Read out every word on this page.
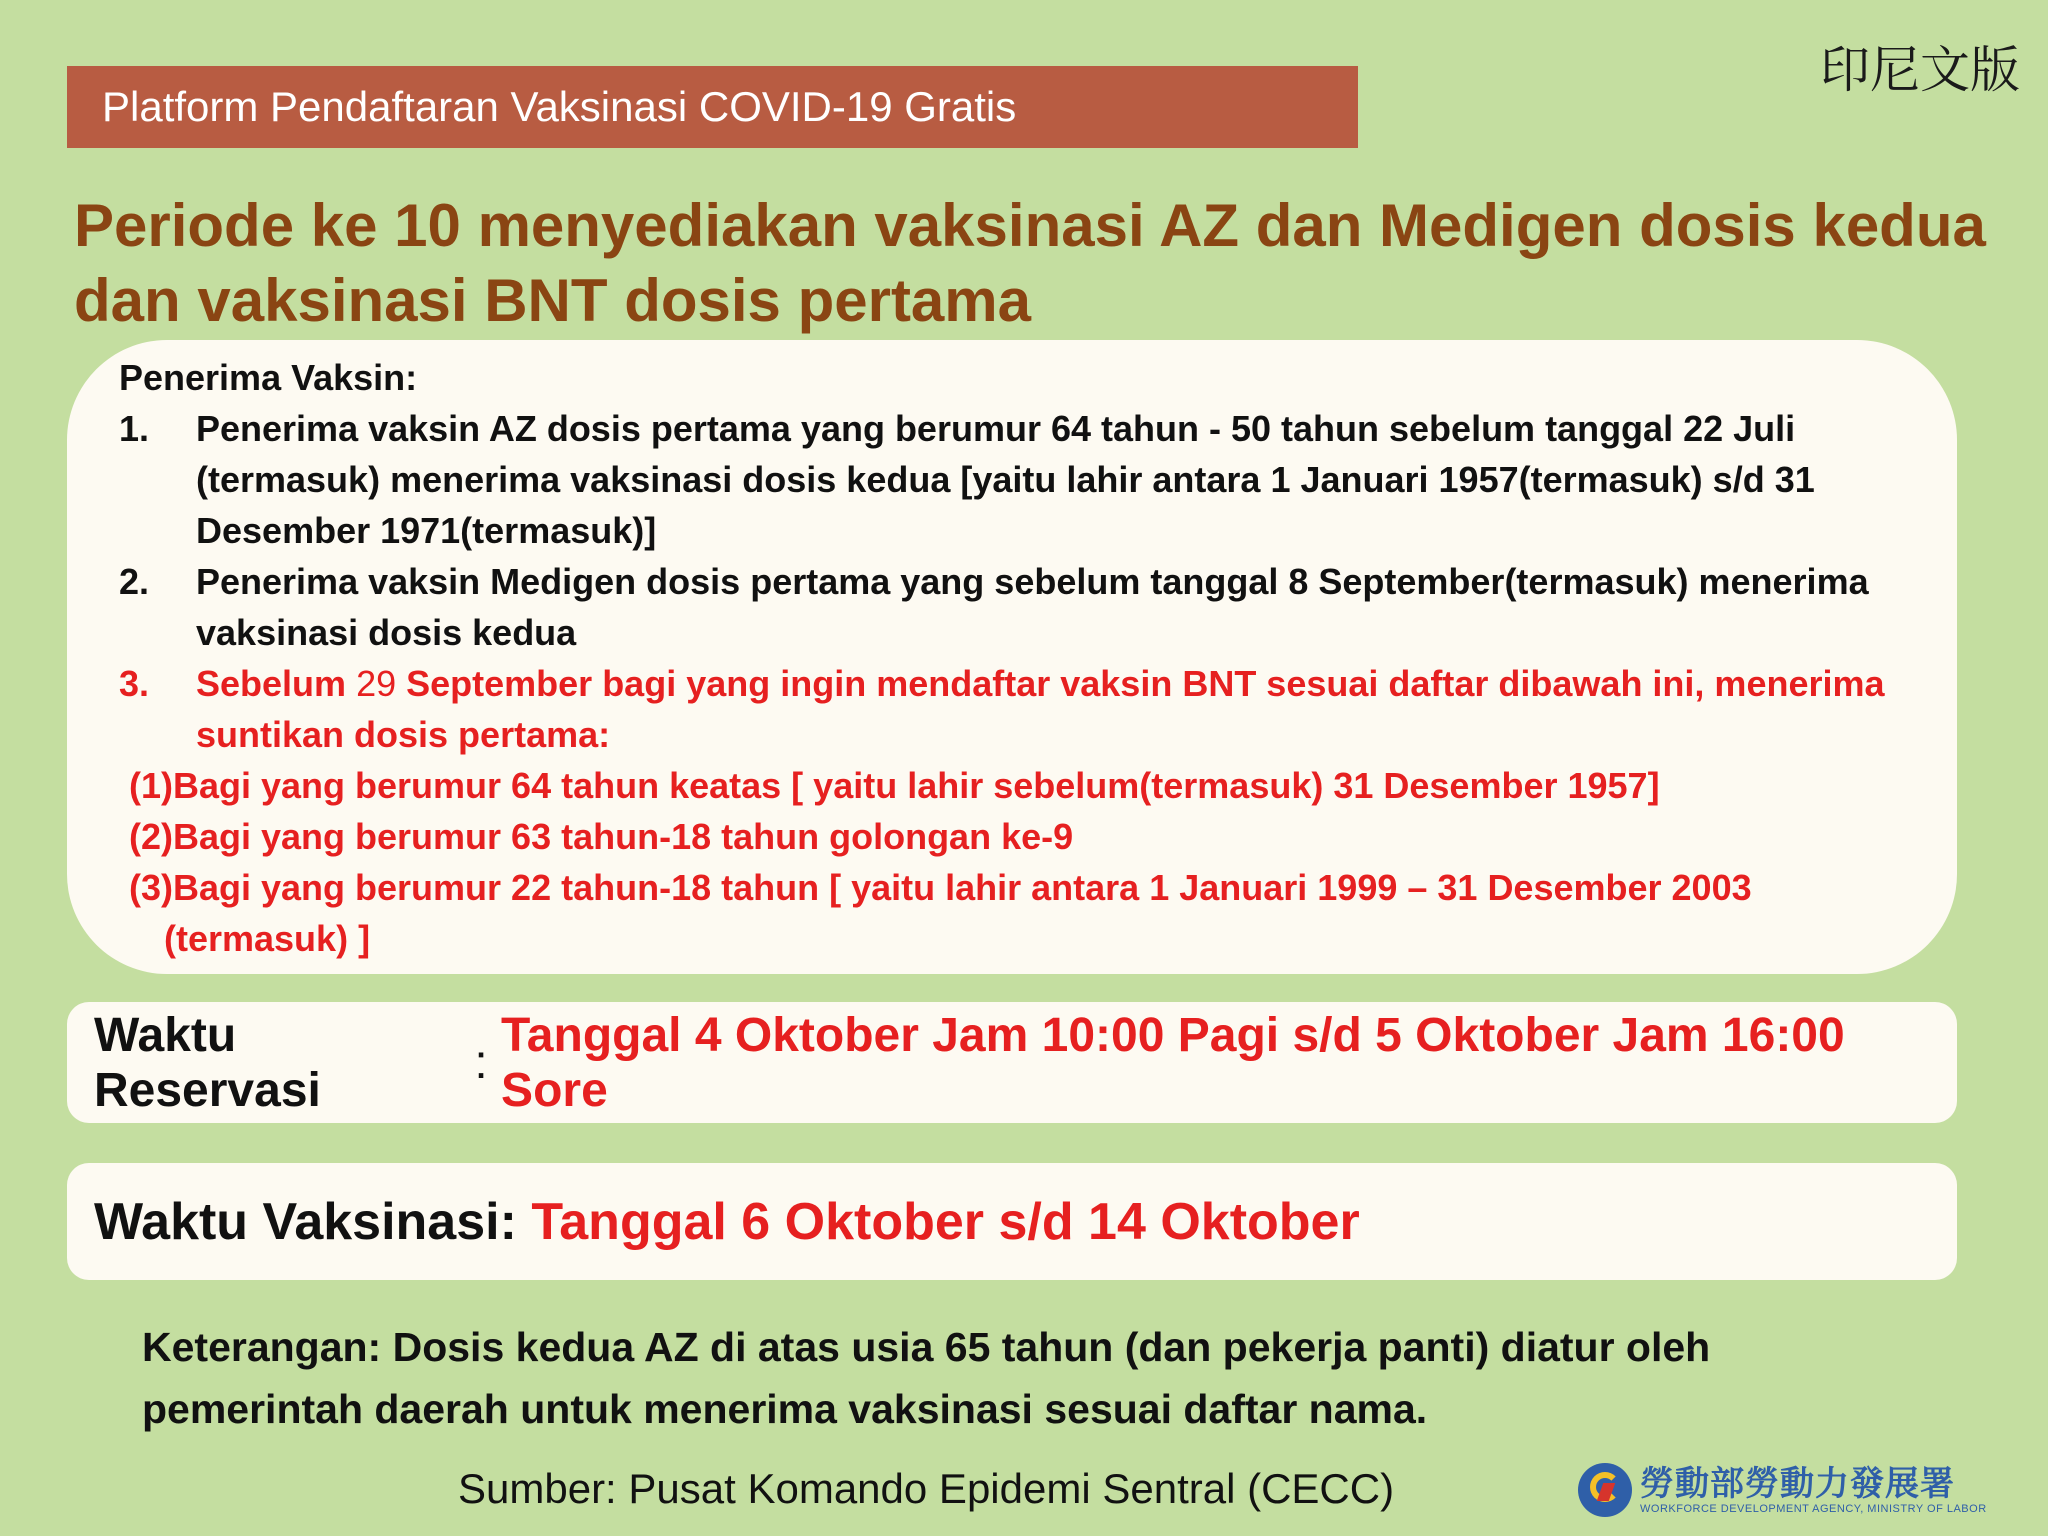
印尼文版
Platform Pendaftaran Vaksinasi COVID-19 Gratis
Periode ke 10 menyediakan vaksinasi AZ dan Medigen dosis kedua dan vaksinasi BNT dosis pertama

Penerima Vaksin:

1.	Penerima vaksin AZ dosis pertama yang berumur 64 tahun - 50 tahun sebelum tanggal 22 Juli (termasuk) menerima vaksinasi dosis kedua [yaitu lahir antara 1 Januari 1957(termasuk) s/d 31 Desember 1971(termasuk)]
2.	Penerima vaksin Medigen dosis pertama yang sebelum tanggal 8 September(termasuk) menerima vaksinasi dosis kedua
3.	Sebelum 29 September bagi yang ingin mendaftar vaksin BNT sesuai daftar dibawah ini, menerima suntikan dosis pertama:
(1)Bagi yang berumur 64 tahun keatas [ yaitu lahir sebelum(termasuk) 31 Desember 1957]
(2)Bagi yang berumur 63 tahun-18 tahun golongan ke-9
(3)Bagi yang berumur 22 tahun-18 tahun [ yaitu lahir antara 1 Januari 1999 – 31 Desember 2003 (termasuk) ]
Waktu Reservasi
:
Tanggal 4 Oktober Jam 10:00 Pagi s/d 5 Oktober Jam 16:00 Sore
Waktu Vaksinasi: Tanggal 6 Oktober s/d 14 Oktober

Keterangan: Dosis kedua AZ di atas usia 65 tahun (dan pekerja panti) diatur oleh pemerintah daerah untuk menerima vaksinasi sesuai daftar nama.

Sumber: Pusat Komando Epidemi Sentral (CECC)	勞動部勞動力發展署
WORKFORCE DEVELOPMENT AGENCY, MINISTRY OF LABOR
